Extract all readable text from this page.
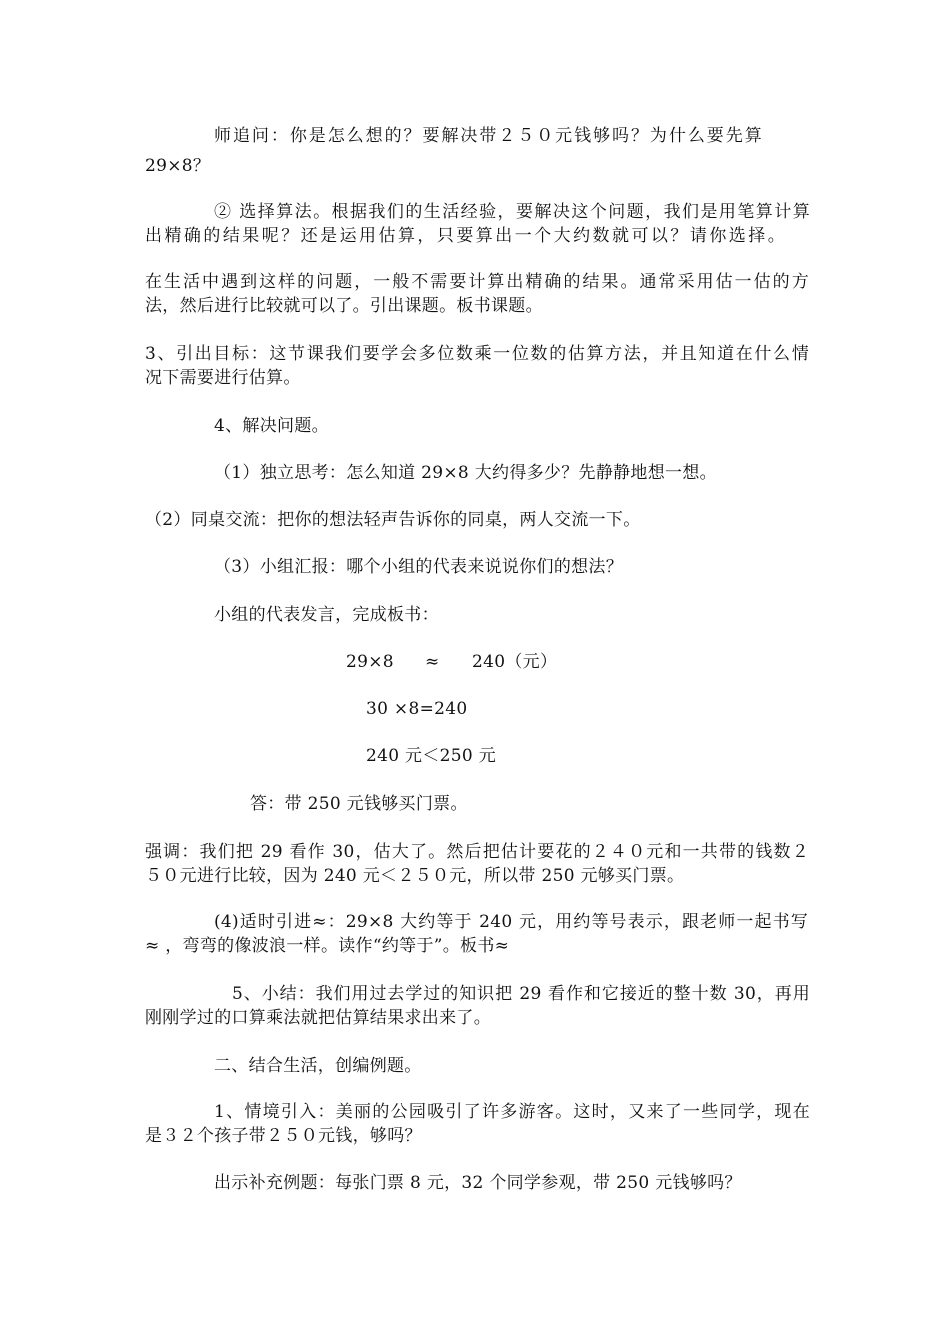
师追问：你是怎么想的？要解决带２５０元钱够吗？为什么要先算
29×8？
② 选择算法。根据我们的生活经验，要解决这个问题，我们是用笔算计算
出精确的结果呢？还是运用估算，只要算出一个大约数就可以？请你选择。
在生活中遇到这样的问题，一般不需要计算出精确的结果。通常采用估一估的方
法，然后进行比较就可以了。引出课题。板书课题。
3、引出目标：这节课我们要学会多位数乘一位数的估算方法，并且知道在什么情
况下需要进行估算。
4、解决问题。
（1）独立思考：怎么知道 29×8 大约得多少？先静静地想一想。
（2）同桌交流：把你的想法轻声告诉你的同桌，两人交流一下。
（3）小组汇报：哪个小组的代表来说说你们的想法？
小组的代表发言，完成板书：
29×8 ≈ 240（元）
30 ×8=240
240 元＜250 元
答：带 250 元钱够买门票。
强调：我们把 29 看作 30，估大了。然后把估计要花的２４０元和一共带的钱数２
５０元进行比较，因为 240 元＜２５０元，所以带 250 元够买门票。
(4)适时引进≈：29×8 大约等于 240 元，用约等号表示，跟老师一起书写
≈ ，弯弯的像波浪一样。读作“约等于”。板书≈
5、小结：我们用过去学过的知识把 29 看作和它接近的整十数 30，再用
刚刚学过的口算乘法就把估算结果求出来了。
二、结合生活，创编例题。
1、情境引入：美丽的公园吸引了许多游客。这时，又来了一些同学，现在
是３２个孩子带２５０元钱，够吗？
出示补充例题：每张门票 8 元，32 个同学参观，带 250 元钱够吗？
